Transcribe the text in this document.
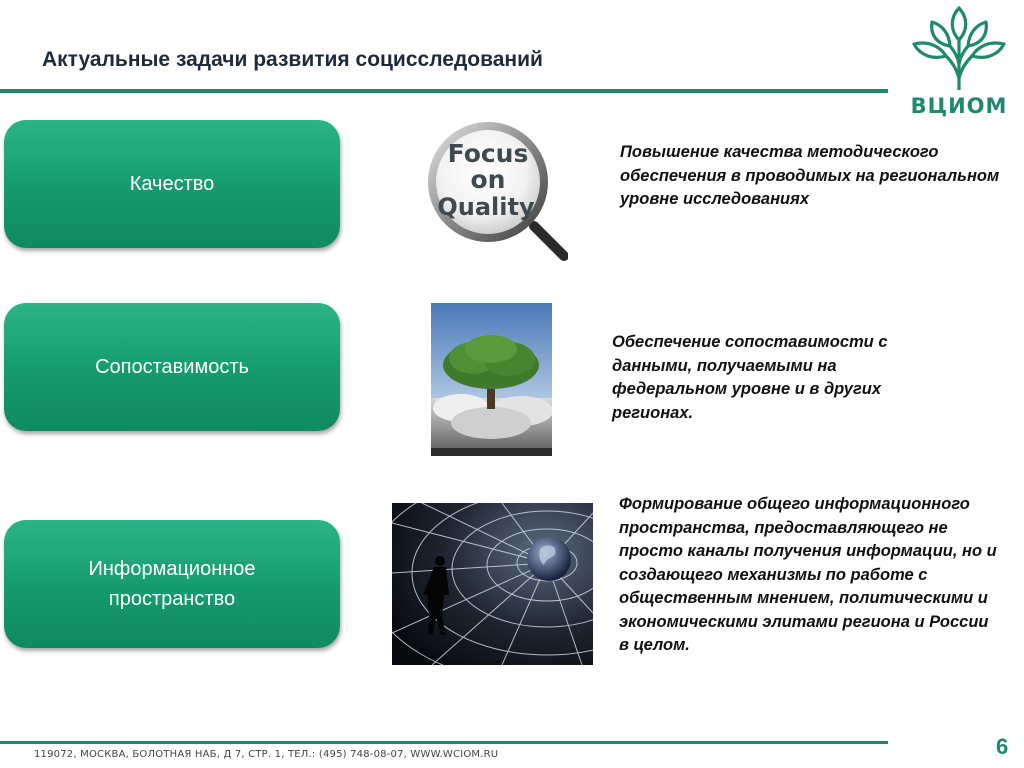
Актуальные задачи развития социсследований
ВЦИОМ
Качество
Focus
on
Quality
Повышение качества методического обеспечения в проводимых на региональном уровне исследованиях
Сопоставимость
Обеспечение сопоставимости с данными, получаемыми на федеральном уровне и в других регионах.
Информационное
пространство
Формирование общего информационного пространства, предоставляющего не просто каналы получения информации, но и создающего механизмы по работе с общественным мнением, политическими и экономическими элитами региона и России в целом.
119072, МОСКВА, БОЛОТНАЯ НАБ, Д 7, СТР. 1, ТЕЛ.: (495) 748-08-07, WWW.WCIOM.RU	6
